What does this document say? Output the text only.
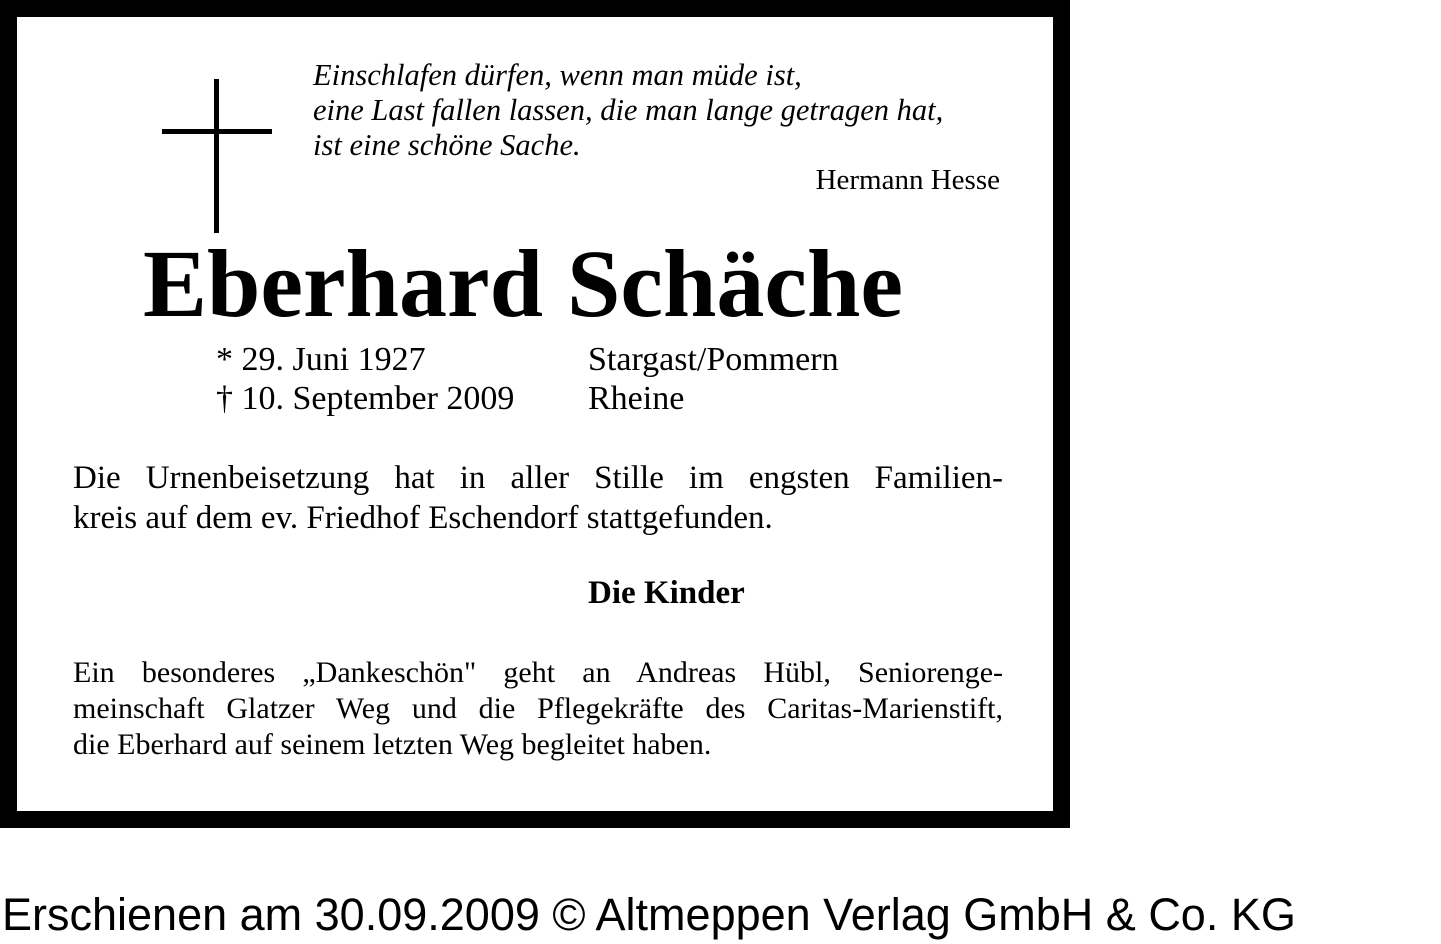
Einschlafen dürfen, wenn man müde ist,
eine Last fallen lassen, die man lange getragen hat,
ist eine schöne Sache.
Hermann Hesse
Eberhard Schäche
* 29. Juni 1927
† 10. September 2009
Stargast/Pommern
Rheine
Die Urnenbeisetzung hat in aller Stille im engsten Familien-
kreis auf dem ev. Friedhof Eschendorf stattgefunden.
Die Kinder
Ein besonderes „Dankeschön" geht an Andreas Hübl, Seniorenge-
meinschaft Glatzer Weg und die Pflegekräfte des Caritas-Marienstift,
die Eberhard auf seinem letzten Weg begleitet haben.
Erschienen am 30.09.2009 © Altmeppen Verlag GmbH & Co. KG
